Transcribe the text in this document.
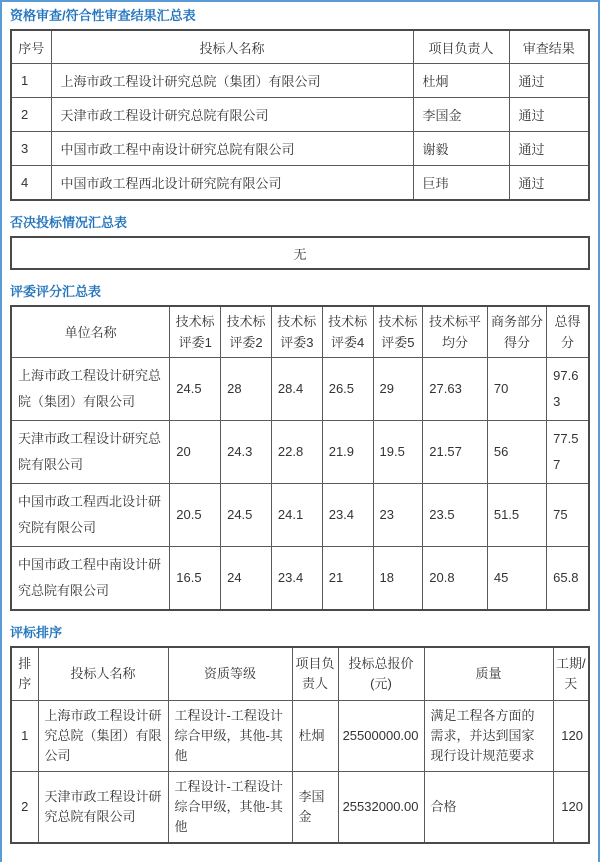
资格审查/符合性审查结果汇总表
序号	投标人名称	项目负责人	审查结果
1	上海市政工程设计研究总院（集团）有限公司	杜炯	通过
2	天津市政工程设计研究总院有限公司	李国金	通过
3	中国市政工程中南设计研究总院有限公司	谢毅	通过
4	中国市政工程西北设计研究院有限公司	巨玮	通过
否决投标情况汇总表
无
评委评分汇总表
单位名称	技术标评委1	技术标评委2	技术标评委3	技术标评委4	技术标评委5	技术标平均分	商务部分得分	总得分
上海市政工程设计研究总院（集团）有限公司	24.5	28	28.4	26.5	29	27.63	70	97.63
天津市政工程设计研究总院有限公司	20	24.3	22.8	21.9	19.5	21.57	56	77.57
中国市政工程西北设计研究院有限公司	20.5	24.5	24.1	23.4	23	23.5	51.5	75
中国市政工程中南设计研究总院有限公司	16.5	24	23.4	21	18	20.8	45	65.8
评标排序
排序	投标人名称	资质等级	项目负责人	投标总报价(元)	质量	工期/天
1	上海市政工程设计研究总院（集团）有限公司	工程设计-工程设计综合甲级，其他-其他	杜炯	25500000.00	满足工程各方面的需求，并达到国家现行设计规范要求	120
2	天津市政工程设计研究总院有限公司	工程设计-工程设计综合甲级，其他-其他	李国金	25532000.00	合格	120
